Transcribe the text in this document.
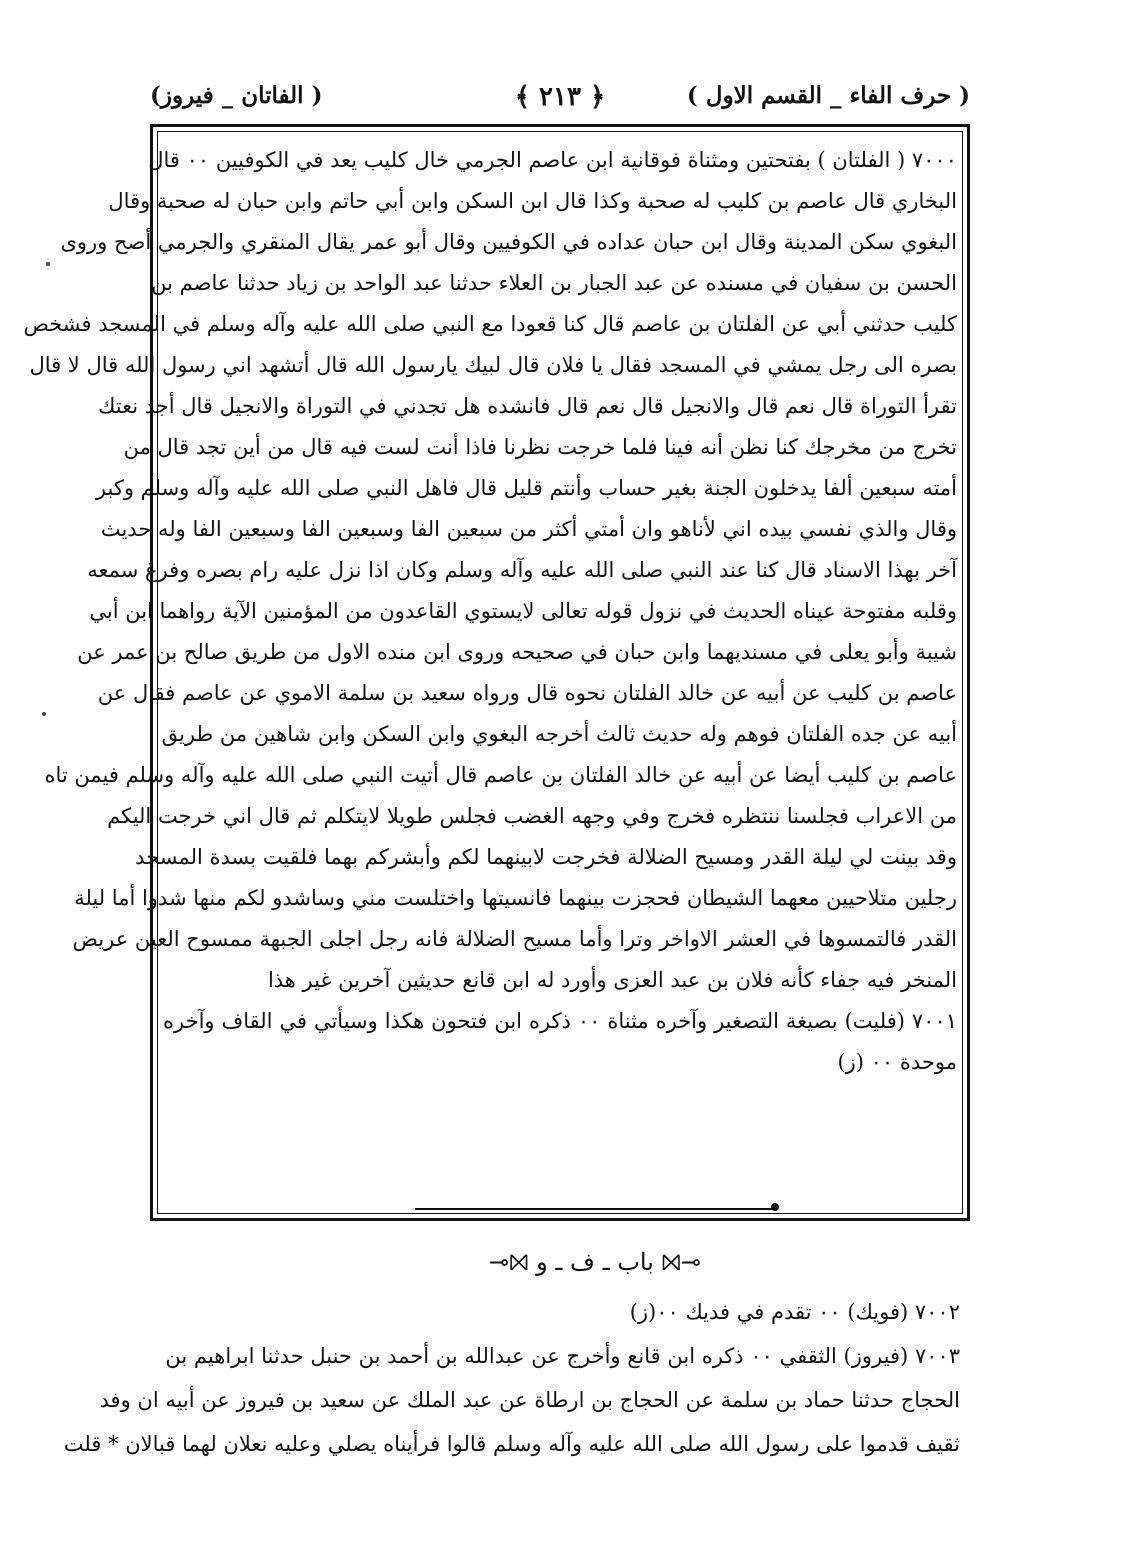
( حرف الفاء _ القسم الاول )
﴿ ٢١٣ ﴾
( الفاتان _ فيروز)
٧٠٠٠ ( الفلتان ) بفتحتين ومثناة فوقانية ابن عاصم الجرمي خال كليب يعد في الكوفيين ٠٠ قال
البخاري قال عاصم بن كليب له صحبة وكذا قال ابن السكن وابن أبي حاتم وابن حبان له صحبة وقال
البغوي سكن المدينة وقال ابن حبان عداده في الكوفيين وقال أبو عمر يقال المنقري والجرمي أصح وروى
الحسن بن سفيان في مسنده عن عبد الجبار بن العلاء حدثنا عبد الواحد بن زياد حدثنا عاصم بن
كليب حدثني أبي عن الفلتان بن عاصم قال كنا قعودا مع النبي صلى الله عليه وآله وسلم في المسجد فشخص
بصره الى رجل يمشي في المسجد فقال يا فلان قال لبيك يارسول الله قال أتشهد اني رسول الله قال لا قال
تقرأ التوراة قال نعم قال والانجيل قال نعم قال فانشده هل تجدني في التوراة والانجيل قال أجد نعتك
تخرج من مخرجك كنا نظن أنه فينا فلما خرجت نظرنا فاذا أنت لست فيه قال من أين تجد قال من
أمته سبعين ألفا يدخلون الجنة بغير حساب وأنتم قليل قال فاهل النبي صلى الله عليه وآله وسلم وكبر
وقال والذي نفسي بيده اني لأناهو وان أمتي أكثر من سبعين الفا وسبعين الفا وسبعين الفا وله حديث
آخر بهذا الاسناد قال كنا عند النبي صلى الله عليه وآله وسلم وكان اذا نزل عليه رام بصره وفرغ سمعه
وقلبه مفتوحة عيناه الحديث في نزول قوله تعالى لايستوي القاعدون من المؤمنين الآية رواهما ابن أبي
شيبة وأبو يعلى في مسنديهما وابن حبان في صحيحه وروى ابن منده الاول من طريق صالح بن عمر عن
عاصم بن كليب عن أبيه عن خالد الفلتان نحوه قال ورواه سعيد بن سلمة الاموي عن عاصم فقال عن
أبيه عن جده الفلتان فوهم وله حديث ثالث أخرجه البغوي وابن السكن وابن شاهين من طريق
عاصم بن كليب أيضا عن أبيه عن خالد الفلتان بن عاصم قال أتيت النبي صلى الله عليه وآله وسلم فيمن تاه
من الاعراب فجلسنا ننتظره فخرج وفي وجهه الغضب فجلس طويلا لايتكلم ثم قال اني خرجت اليكم
وقد بينت لي ليلة القدر ومسيح الضلالة فخرجت لابينهما لكم وأبشركم بهما فلقيت بسدة المسجد
رجلين متلاحيين معهما الشيطان فحجزت بينهما فانسيتها واختلست مني وساشدو لكم منها شدوا أما ليلة
القدر فالتمسوها في العشر الاواخر وترا وأما مسيح الضلالة فانه رجل اجلى الجبهة ممسوح العين عريض
المنخر فيه جفاء كأنه فلان بن عبد العزى وأورد له ابن قانع حديثين آخرين غير هذا
٧٠٠١ (فليت) بصيغة التصغير وآخره مثناة ٠٠ ذكره ابن فتحون هكذا وسيأتي في القاف وآخره
موحدة ٠٠ (ز)
⊸⨝ باب ـ ف ـ و ⨝⊸
٧٠٠٢ (فويك) ٠٠ تقدم في فديك ٠٠(ز)
٧٠٠٣ (فيروز) الثقفي ٠٠ ذكره ابن قانع وأخرج عن عبدالله بن أحمد بن حنبل حدثنا ابراهيم بن
الحجاج حدثنا حماد بن سلمة عن الحجاج بن ارطاة عن عبد الملك عن سعيد بن فيروز عن أبيه ان وفد
ثقيف قدموا على رسول الله صلى الله عليه وآله وسلم قالوا فرأيناه يصلي وعليه نعلان لهما قبالان * قلت
